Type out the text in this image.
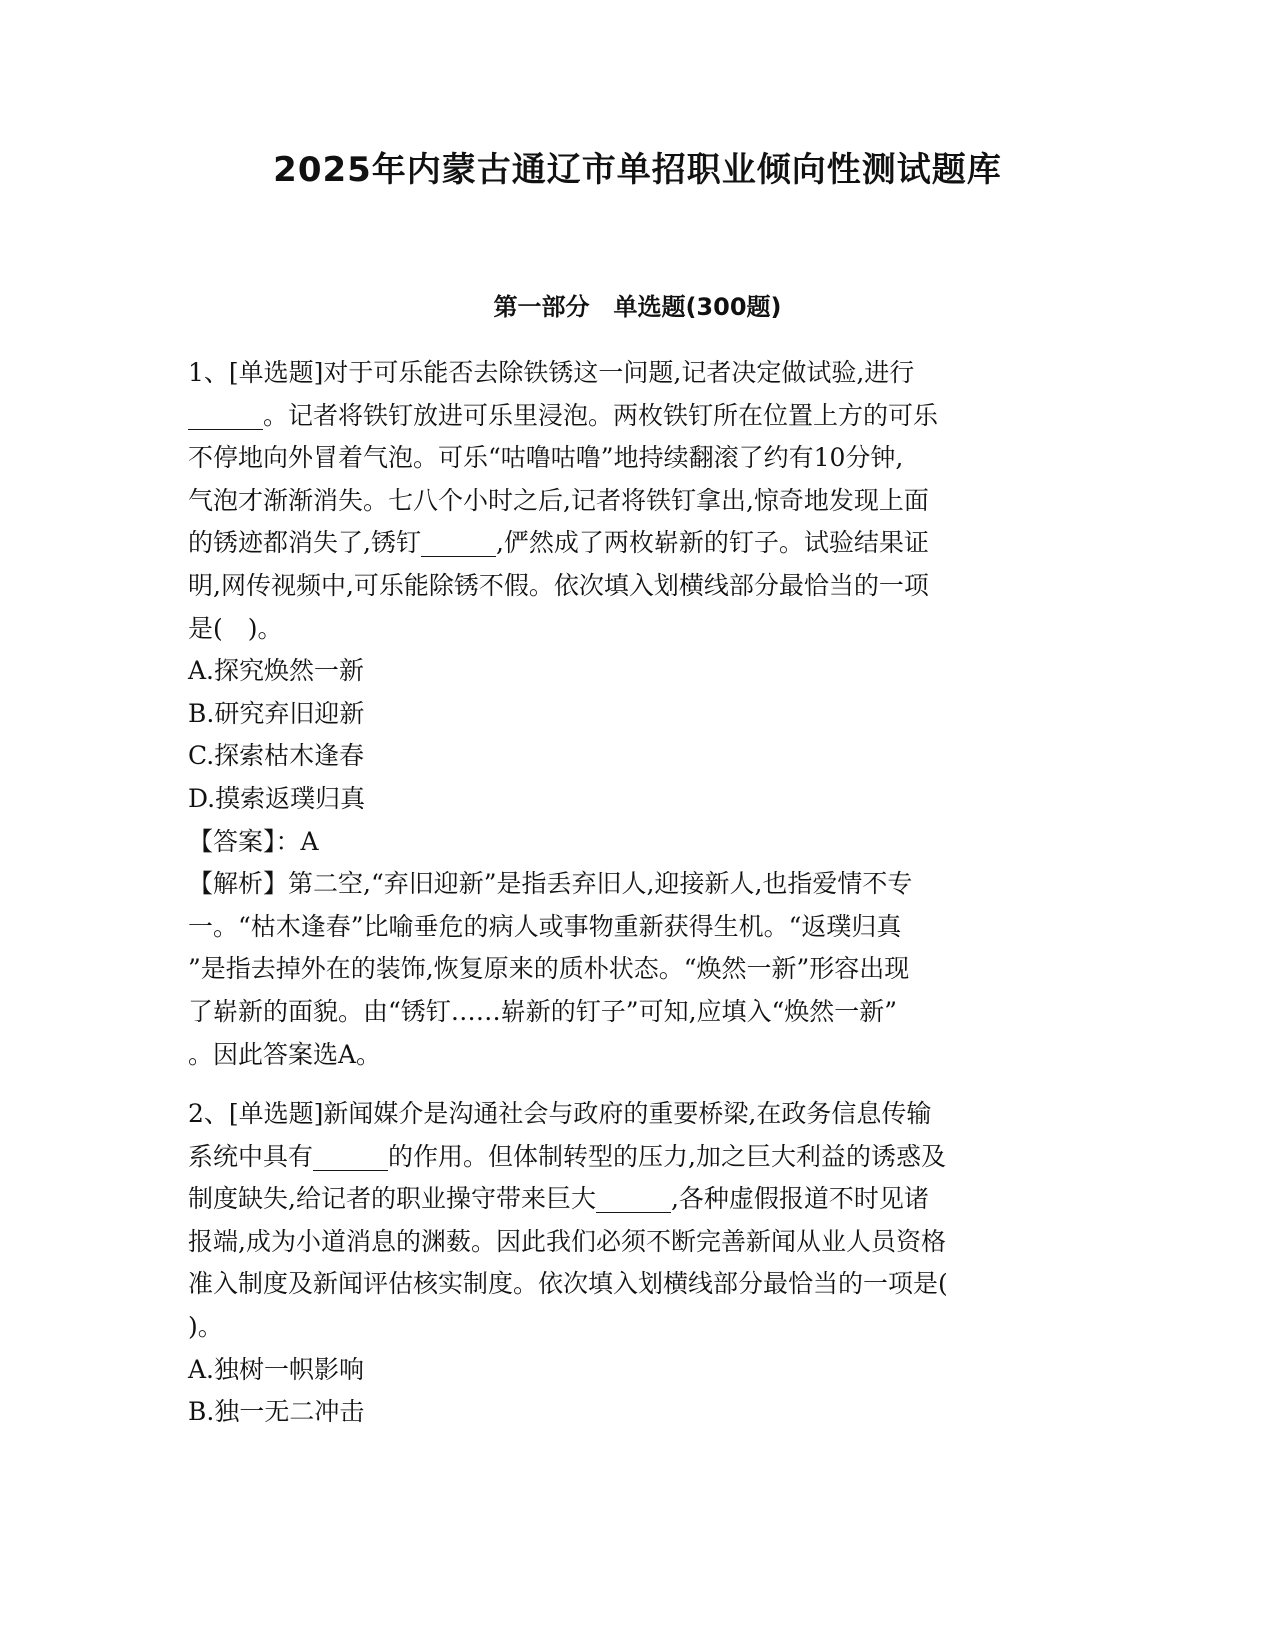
2025年内蒙古通辽市单招职业倾向性测试题库
第一部分　单选题(300题)
1、[单选题]对于可乐能否去除铁锈这一问题,记者决定做试验,进行
______。记者将铁钉放进可乐里浸泡。两枚铁钉所在位置上方的可乐
不停地向外冒着气泡。可乐“咕噜咕噜”地持续翻滚了约有10分钟,
气泡才渐渐消失。七八个小时之后,记者将铁钉拿出,惊奇地发现上面
的锈迹都消失了,锈钉______,俨然成了两枚崭新的钉子。试验结果证
明,网传视频中,可乐能除锈不假。依次填入划横线部分最恰当的一项
是(　)。
A.探究焕然一新
B.研究弃旧迎新
C.探索枯木逢春
D.摸索返璞归真
【答案】：A
【解析】第二空,“弃旧迎新”是指丢弃旧人,迎接新人,也指爱情不专
一。“枯木逢春”比喻垂危的病人或事物重新获得生机。“返璞归真
”是指去掉外在的装饰,恢复原来的质朴状态。“焕然一新”形容出现
了崭新的面貌。由“锈钉……崭新的钉子”可知,应填入“焕然一新”
。因此答案选A。
2、[单选题]新闻媒介是沟通社会与政府的重要桥梁,在政务信息传输
系统中具有______的作用。但体制转型的压力,加之巨大利益的诱惑及
制度缺失,给记者的职业操守带来巨大______,各种虚假报道不时见诸
报端,成为小道消息的渊薮。因此我们必须不断完善新闻从业人员资格
准入制度及新闻评估核实制度。依次填入划横线部分最恰当的一项是(
)。
A.独树一帜影响
B.独一无二冲击
